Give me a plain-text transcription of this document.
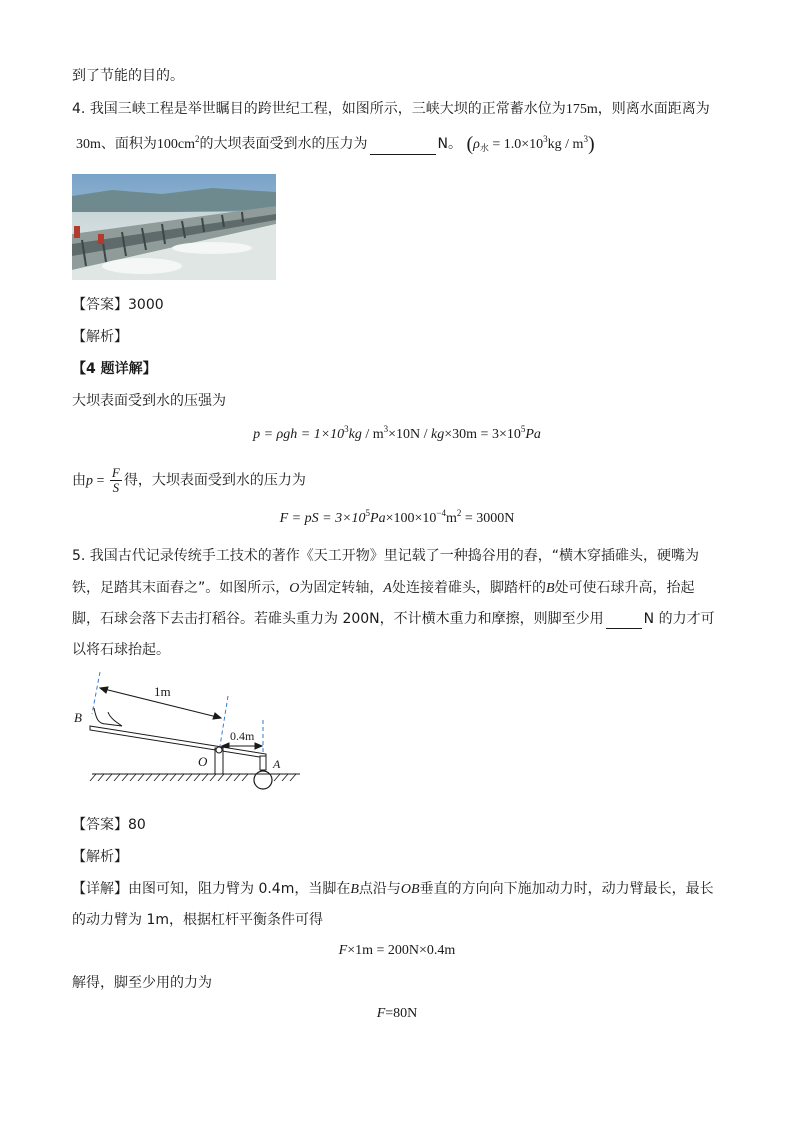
到了节能的目的。
4. 我国三峡工程是举世瞩目的跨世纪工程，如图所示，三峡大坝的正常蓄水位为175m，则离水面距离为
30m、面积为$100cm^2$的大坝表面受到水的压力为	N。 $(\rho_水 = 1.0\times 10^3kg / m^3)$
【答案】3000
【解析】
【4 题详解】
大坝表面受到水的压强为
$p = \rho gh = 1\times 10^3kg / m^3\times 10N / kg\times 30m = 3\times 10^5Pa$
由$p = \frac{F}{S}$ 得，大坝表面受到水的压力为
F = pS = $3\times 10^5Pa\times 100\times 10^{-4}m^2 = 3000N$
5. 我国古代记录传统手工技术的著作《天工开物》里记载了一种捣谷用的舂，“横木穿插碓头，硬嘴为
铁，足踏其末面舂之”。如图所示，O为固定转轴，A处连接着碓头，脚踏杆的B处可使石球升高，抬起
脚，石球会落下去击打稻谷。若碓头重力为 200N，不计横木重力和摩擦，则脚至少用	N 的力才可
以将石球抬起。
1m
0.4m
B
O	A
【答案】80
【解析】
【详解】由图可知，阻力臂为 0.4m，当脚在B点沿与OB垂直的方向向下施加动力时，动力臂最长，最长
的动力臂为 1m，根据杠杆平衡条件可得
F×1m = 200N×0.4m
解得，脚至少用的力为
F=80N
